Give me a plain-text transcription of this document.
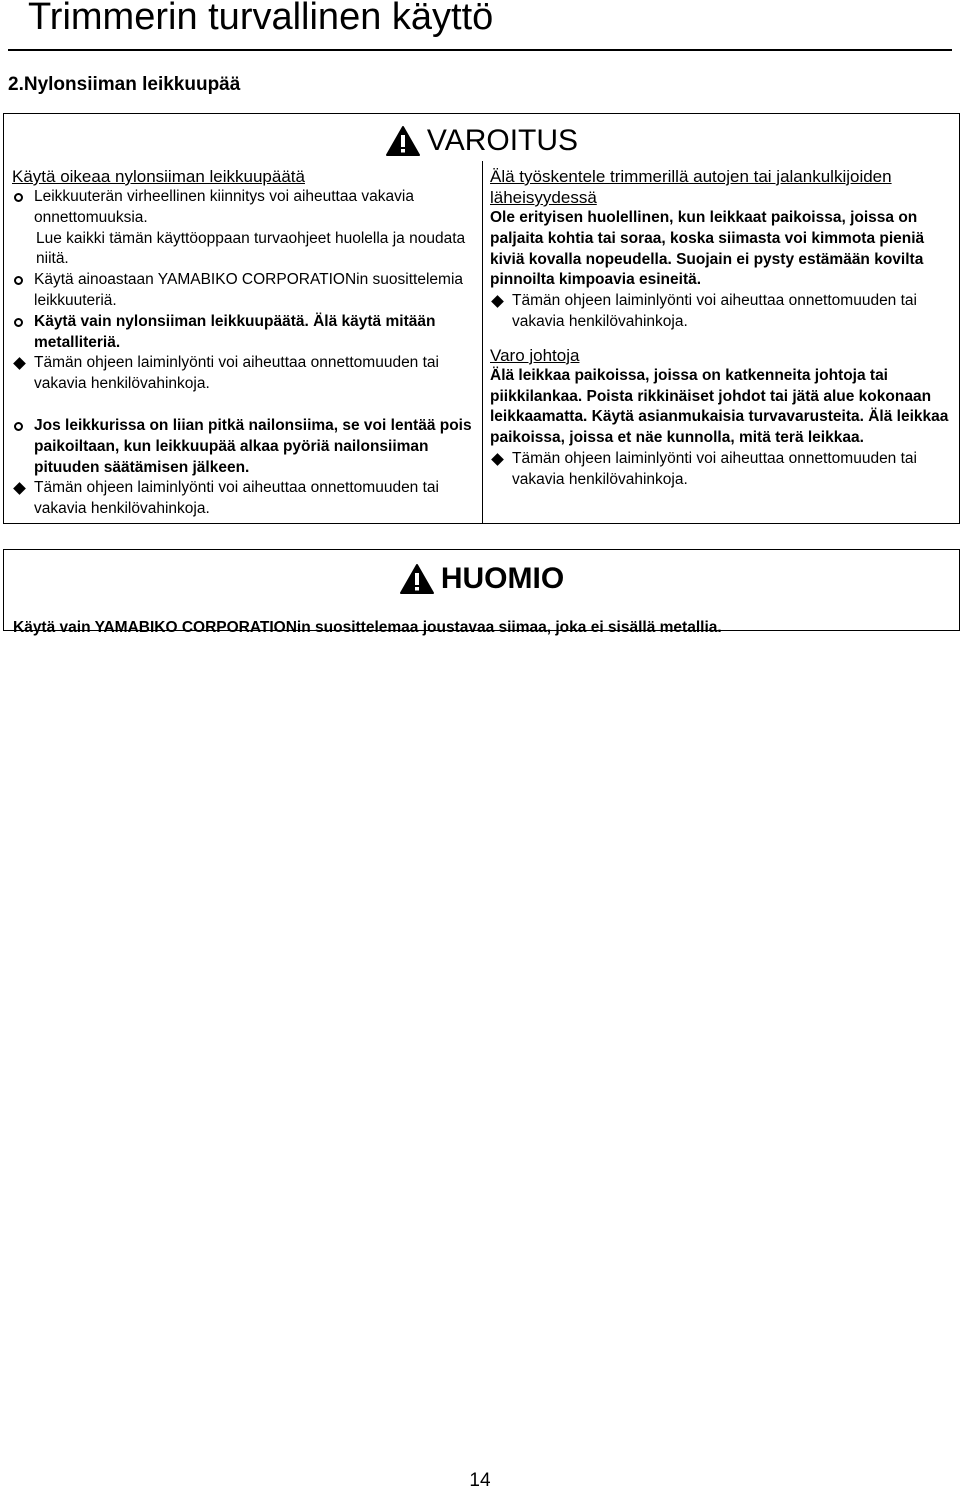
Trimmerin turvallinen käyttö
2.Nylonsiiman leikkuupää
VAROITUS

Käytä oikeaa nylonsiiman leikkuupäätä

Leikkuuterän virheellinen kiinnitys voi aiheuttaa vakavia onnettomuuksia.

Lue kaikki tämän käyttöoppaan turvaohjeet huolella ja noudata niitä.

Käytä ainoastaan YAMABIKO CORPORATIONin suosittelemia leikkuuteriä.

Käytä vain nylonsiiman leikkuupäätä. Älä käytä mitään metalliteriä.

Tämän ohjeen laiminlyönti voi aiheuttaa onnettomuuden tai vakavia henkilövahinkoja.

Jos leikkurissa on liian pitkä nailonsiima, se voi lentää pois paikoiltaan, kun leikkuupää alkaa pyöriä nailonsiiman pituuden säätämisen jälkeen.

Tämän ohjeen laiminlyönti voi aiheuttaa onnettomuuden tai vakavia henkilövahinkoja.

Älä työskentele trimmerillä autojen tai jalankulkijoiden läheisyydessä

Ole erityisen huolellinen, kun leikkaat paikoissa, joissa on paljaita kohtia tai soraa, koska siimasta voi kimmota pieniä kiviä kovalla nopeudella. Suojain ei pysty estämään kovilta pinnoilta kimpoavia esineitä.

Tämän ohjeen laiminlyönti voi aiheuttaa onnettomuuden tai vakavia henkilövahinkoja.

Varo johtoja

Älä leikkaa paikoissa, joissa on katkenneita johtoja tai piikkilankaa. Poista rikkinäiset johdot tai jätä alue kokonaan leikkaamatta. Käytä asianmukaisia turvavarusteita. Älä leikkaa paikoissa, joissa et näe kunnolla, mitä terä leikkaa.

Tämän ohjeen laiminlyönti voi aiheuttaa onnettomuuden tai vakavia henkilövahinkoja.

HUOMIO

Käytä vain YAMABIKO CORPORATIONin suosittelemaa joustavaa siimaa, joka ei sisällä metallia.

14
